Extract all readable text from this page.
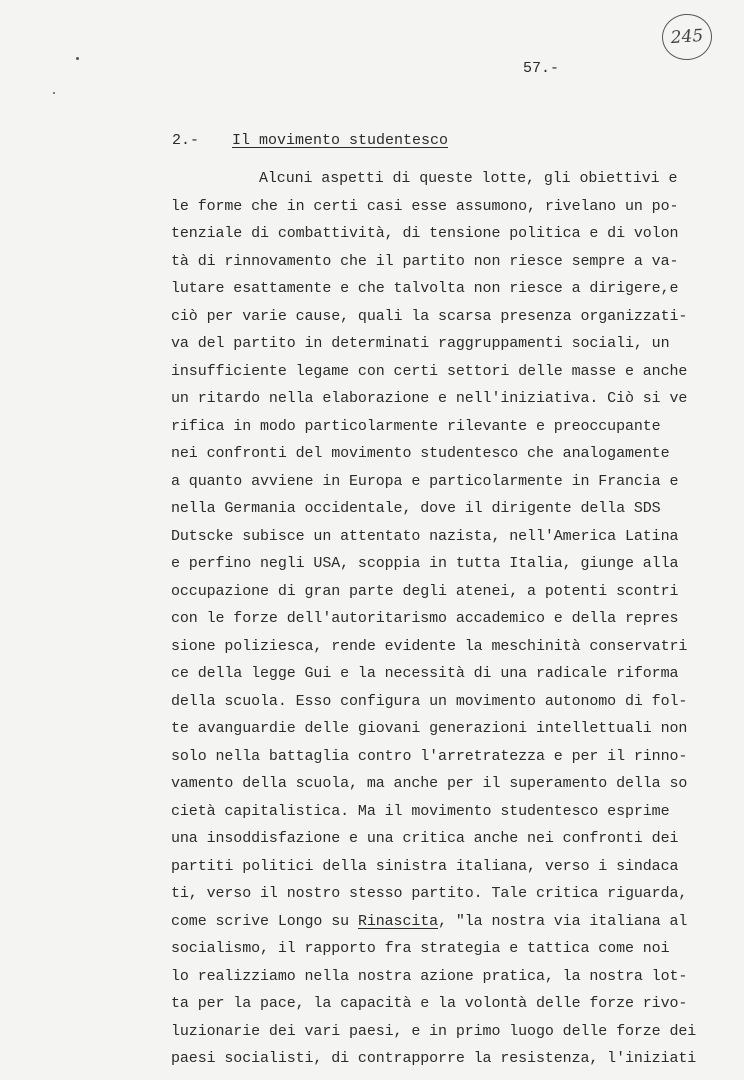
245
57.-
2.- Il movimento studentesco
Alcuni aspetti di queste lotte, gli obiettivi e
le forme che in certi casi esse assumono, rivelano un po-
tenziale di combattività, di tensione politica e di volon
tà di rinnovamento che il partito non riesce sempre a va-
lutare esattamente e che talvolta non riesce a dirigere,e
ciò per varie cause, quali la scarsa presenza organizzati-
va del partito in determinati raggruppamenti sociali, un
insufficiente legame con certi settori delle masse e anche
un ritardo nella elaborazione e nell'iniziativa. Ciò si ve
rifica in modo particolarmente rilevante e preoccupante
nei confronti del movimento studentesco che analogamente
a quanto avviene in Europa e particolarmente in Francia e
nella Germania occidentale, dove il dirigente della SDS
Dutscke subisce un attentato nazista, nell'America Latina
e perfino negli USA, scoppia in tutta Italia, giunge alla
occupazione di gran parte degli atenei, a potenti scontri
con le forze dell'autoritarismo accademico e della repres
sione poliziesca, rende evidente la meschinità conservatri
ce della legge Gui e la necessità di una radicale riforma
della scuola. Esso configura un movimento autonomo di fol-
te avanguardie delle giovani generazioni intellettuali non
solo nella battaglia contro l'arretratezza e per il rinno-
vamento della scuola, ma anche per il superamento della so
cietà capitalistica. Ma il movimento studentesco esprime
una insoddisfazione e una critica anche nei confronti dei
partiti politici della sinistra italiana, verso i sindaca
ti, verso il nostro stesso partito. Tale critica riguarda,
come scrive Longo su Rinascita, "la nostra via italiana al
socialismo, il rapporto fra strategia e tattica come noi
lo realizziamo nella nostra azione pratica, la nostra lot-
ta per la pace, la capacità e la volontà delle forze rivo-
luzionarie dei vari paesi, e in primo luogo delle forze dei
paesi socialisti, di contrapporre la resistenza, l'iniziati
